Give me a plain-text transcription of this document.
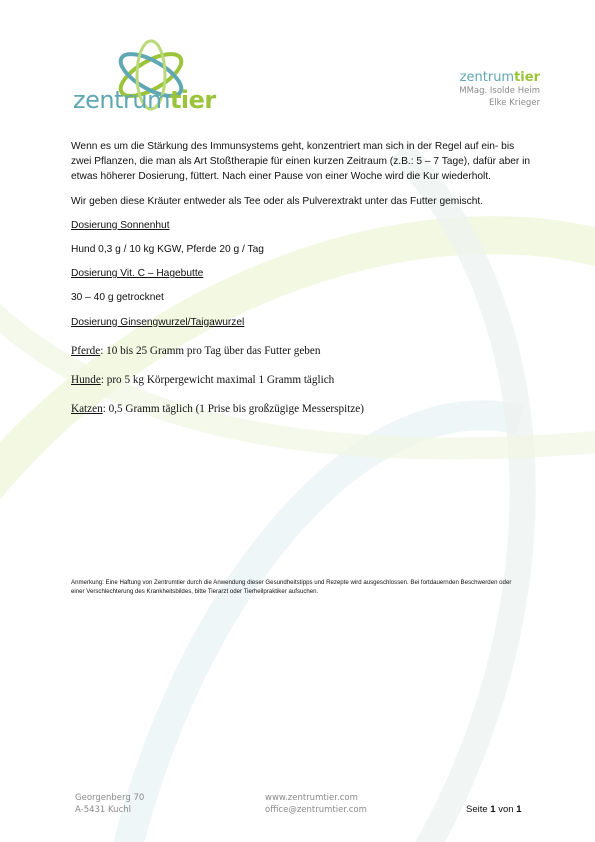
zentrumtier
zentrumtier
MMag. Isolde Heim
Elke Krieger

Wenn es um die Stärkung des Immunsystems geht, konzentriert man sich in der Regel auf ein- bis zwei Pflanzen, die man als Art Stoßtherapie für einen kurzen Zeitraum (z.B.: 5 – 7 Tage), dafür aber in etwas höherer Dosierung, füttert. Nach einer Pause von einer Woche wird die Kur wiederholt.

Wir geben diese Kräuter entweder als Tee oder als Pulverextrakt unter das Futter gemischt.

Dosierung Sonnenhut

Hund 0,3 g / 10 kg KGW, Pferde 20 g / Tag

Dosierung Vit. C – Hagebutte

30 – 40 g getrocknet

Dosierung Ginsengwurzel/Taigawurzel

Pferde: 10 bis 25 Gramm pro Tag über das Futter geben

Hunde: pro 5 kg Körpergewicht maximal 1 Gramm täglich

Katzen: 0,5 Gramm täglich (1 Prise bis großzügige Messerspitze)

Anmerkung: Eine Haftung von Zentrumtier durch die Anwendung dieser Gesundheitstipps und Rezepte wird ausgeschlossen. Bei fortdauernden Beschwerden oder einer Verschlechterung des Krankheitsbildes, bitte Tierarzt oder Tierheilpraktiker aufsuchen.
Georgenberg 70
A-5431 Kuchl
www.zentrumtier.com
office@zentrumtier.com	Seite 1 von 1
